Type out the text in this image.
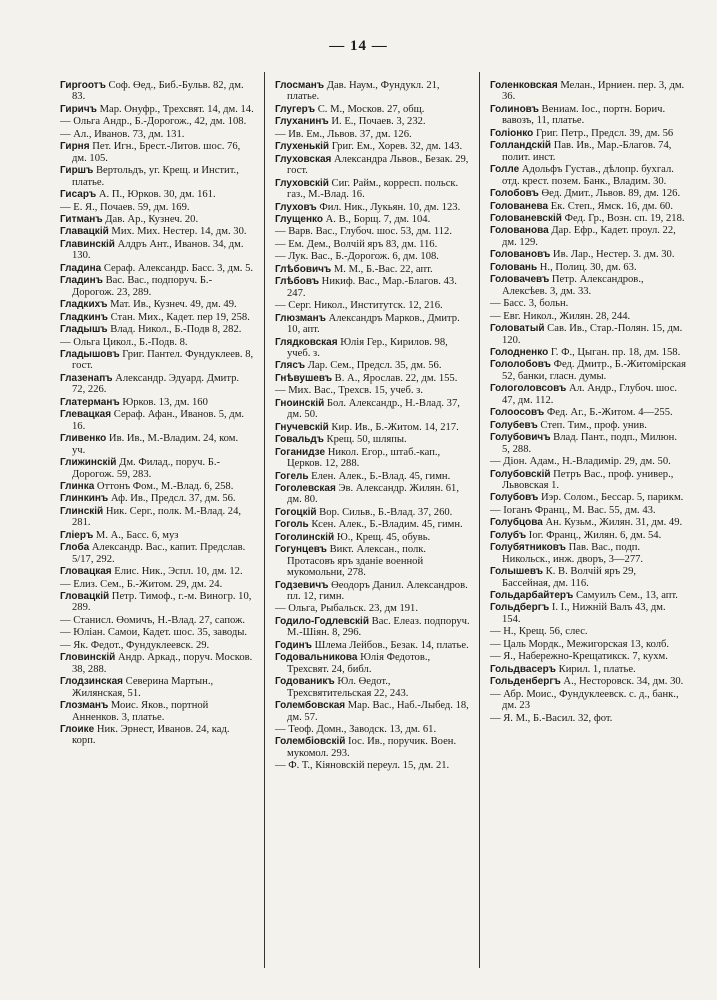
— 14 —

Гиргоотъ Соф. Өед., Биб.-Бульв. 82, дм. 83.

Гиричъ Мар. Онуфр., Трехсвят. 14, дм. 14.

— Ольга Андр., Б.-Дорогож., 42, дм. 108.

— Ал., Иванов. 73, дм. 131.

Гирня Пет. Игн., Брест.-Литов. шос. 76, дм. 105.

Гиршъ Вертольдъ, уг. Крещ. и Инстит., платье.

Гисаръ А. П., Юрков. 30, дм. 161.

— Е. Я., Почаев. 59, дм. 169.

Гитманъ Дав. Ар., Кузнеч. 20.

Главацкій Мих. Мих. Нестер. 14, дм. 30.

Главинскій Алдръ Ант., Иванов. 34, дм. 130.

Гладина Сераф. Александр. Басс. 3, дм. 5.

Гладинъ Вас. Вас., подпоруч. Б.-Дорогож. 23, 289.

Гладкихъ Мат. Ив., Кузнеч. 49, дм. 49.

Гладкинъ Стан. Мих., Кадет. пер 19, 258.

Гладышъ Влад. Никол., Б.-Подв 8, 282.

— Ольга Цикол., Б.-Подв. 8.

Гладышовъ Григ. Пантел. Фундуклеев. 8, гост.

Глазенапъ Александр. Эдуард. Дмитр. 72, 226.

Глатерманъ Юрков. 13, дм. 160

Глевацкая Сераф. Афан., Иванов. 5, дм. 16.

Гливенко Ив. Ив., М.-Владим. 24, ком. уч.

Глижинскій Дм. Филад., поруч. Б.-Дорогож. 59, 283.

Глинка Оттонъ Фом., М.-Влад. 6, 258.

Глинкинъ Аф. Ив., Предсл. 37, дм. 56.

Глинскій Ник. Серг., полк. М.-Влад. 24, 281.

Гліеръ М. А., Басс. 6, муз

Глоба Александр. Вас., капит. Предслав. 5/17, 292.

Гловацкая Елис. Ник., Эспл. 10, дм. 12.

— Елиз. Сем., Б.-Житом. 29, дм. 24.

Гловацкій Петр. Тимоф., г.-м. Виногр. 10, 289.

— Станисл. Өомичъ, Н.-Влад. 27, сапож.

— Юліан. Самои, Кадет. шос. 35, заводы.

— Як. Федот., Фундуклеевск. 29.

Гловинскій Андр. Аркад., поруч. Москов. 38, 288.

Глодзинская Северина Мартын., Жилянская, 51.

Глозманъ Моис. Яков., портной Анненков. 3, платье.

Глоике Ник. Эрнест, Иванов. 24, кад. корп.

Глосманъ Дав. Наум., Фундукл. 21, платье.

Глугеръ С. М., Москов. 27, общ.

Глуханинъ И. Е., Почаев. 3, 232.

— Ив. Ем., Львов. 37, дм. 126.

Глухенькій Григ. Ем., Хорев. 32, дм. 143.

Глуховская Александра Львов., Безак. 29, гост.

Глуховскій Сиг. Райм., корресп. польск. газ., М.-Влад. 16.

Глуховъ Фил. Ник., Лукьян. 10, дм. 123.

Глущенко А. В., Борщ. 7, дм. 104.

— Варв. Вас., Глубоч. шос. 53, дм. 112.

— Ем. Дем., Волчій яръ 83, дм. 116.

— Лук. Вас., Б.-Дорогож. 6, дм. 108.

Глѣбовичъ М. М., Б.-Вас. 22, апт.

Глѣбовъ Никиф. Вас., Мар.-Благов. 43. 247.

— Серг. Никол., Институтск. 12, 216.

Глюзманъ Александръ Марков., Дмитр. 10, апт.

Глядковская Юлія Гер., Кирилов. 98, учеб. з.

Глясъ Лар. Сем., Предсл. 35, дм. 56.

Гнѣвушевъ В. А., Ярослав. 22, дм. 155.

— Мих. Вас., Трехсв. 15, учеб. з.

Гноинскій Бол. Александр., Н.-Влад. 37, дм. 50.

Гнучевскій Кир. Ив., Б.-Житом. 14, 217.

Говальдъ Крещ. 50, шляпы.

Гоганидзе Никол. Егор., штаб.-кап., Церков. 12, 288.

Гогель Елен. Алек., Б.-Влад. 45, гимн.

Гоголевская Эв. Александр. Жилян. 61, дм. 80.

Гогоцкій Вор. Сильв., Б.-Влад. 37, 260.

Гоголь Ксен. Алек., Б.-Владим. 45, гимн.

Гоголинскій Ю., Крещ. 45, обувь.

Гогунцевъ Викт. Алексан., полк. Протасовъ яръ зданіе военной мукомольни, 278.

Годзевичъ Өеодоръ Данил. Александров. пл. 12, гимн.

— Ольга, Рыбальск. 23, дм 191.

Годило-Годлевскій Вас. Елеаз. подпоруч. М.-Шіян. 8, 296.

Годинъ Шлема Лейбов., Безак. 14, платье.

Годовальникова Юлія Федотов., Трехсвят. 24, библ.

Годованикъ Юл. Өедот., Трехсвятительская 22, 243.

Голембовская Мар. Вас., Наб.-Лыбед. 18, дм. 57.

— Теоф. Домн., Заводск. 13, дм. 61.

Голембіовскій Іос. Ив., поручик. Воен. мукомол. 293.

— Ф. Т., Кіяновскій переул. 15, дм. 21.

Голенковская Мелан., Ирниен. пер. 3, дм. 36.

Голиновъ Вениам. Іос., портн. Борич. вавозъ, 11, платье.

Голіонко Григ. Петр., Предсл. 39, дм. 56

Голландскій Пав. Ив., Мар.-Благов. 74, полит. инст.

Голле Адольфъ Густав., дѣлопр. бухгал. отд. крест. позем. Банк., Владим. 30.

Голобовъ Өед. Дмит., Львов. 89, дм. 126.

Голованева Ек. Степ., Ямск. 16, дм. 60.

Голованевскій Фед. Гр., Возн. сп. 19, 218.

Голованова Дар. Ефр., Кадет. проул. 22, дм. 129.

Головановъ Ив. Лар., Нестер. 3. дм. 30.

Головань Н., Полиц. 30, дм. 63.

Головачевъ Петр. Александров., Алексѣев. 3, дм. 33.

— Басс. 3, больн.

— Евг. Никол., Жилян. 28, 244.

Головатый Сав. Ив., Стар.-Полян. 15, дм. 120.

Голодненко Г. Ф., Цыган. пр. 18, дм. 158.

Гололобовъ Фед. Дмитр., Б.-Житомірская 52, банки, гласн. думы.

Гологоловсовъ Ал. Андр., Глубоч. шос. 47, дм. 112.

Голоосовъ Фед. Аг., Б.-Житом. 4—255.

Голубевъ Степ. Тим., проф. унив.

Голубовичъ Влад. Пант., подп., Милюн. 5, 288.

— Діон. Адам., Н.-Владимір. 29, дм. 50.

Голубовскій Петръ Вас., проф. универ., Львовская 1.

Голубовъ Иэр. Солом., Бессар. 5, парикм.

— Іоганъ Франц., М. Вас. 55, дм. 43.

Голубцова Ан. Кузьм., Жилян. 31, дм. 49.

Голубъ Іог. Франц., Жилян. 6, дм. 54.

Голубятниковъ Пав. Вас., подп. Никольск., инж. дворъ, 3—277.

Голышевъ К. В. Волчій яръ 29, Бассейная, дм. 116.

Гольдарбайтеръ Самуилъ Сем., 13, апт.

Гольдбергъ І. І., Нижній Валъ 43, дм. 154.

— Н., Крещ. 56, слес.

— Цаль Мордк., Межигорская 13, колб.

— Я., Набережно-Крещатикск. 7, кухм.

Гольдвасеръ Кирил. 1, платье.

Гольденбергъ А., Несторовск. 34, дм. 30.

— Абр. Моис., Фундуклеевск. с. д., банк., дм. 23

— Я. М., Б.-Васил. 32, фот.
